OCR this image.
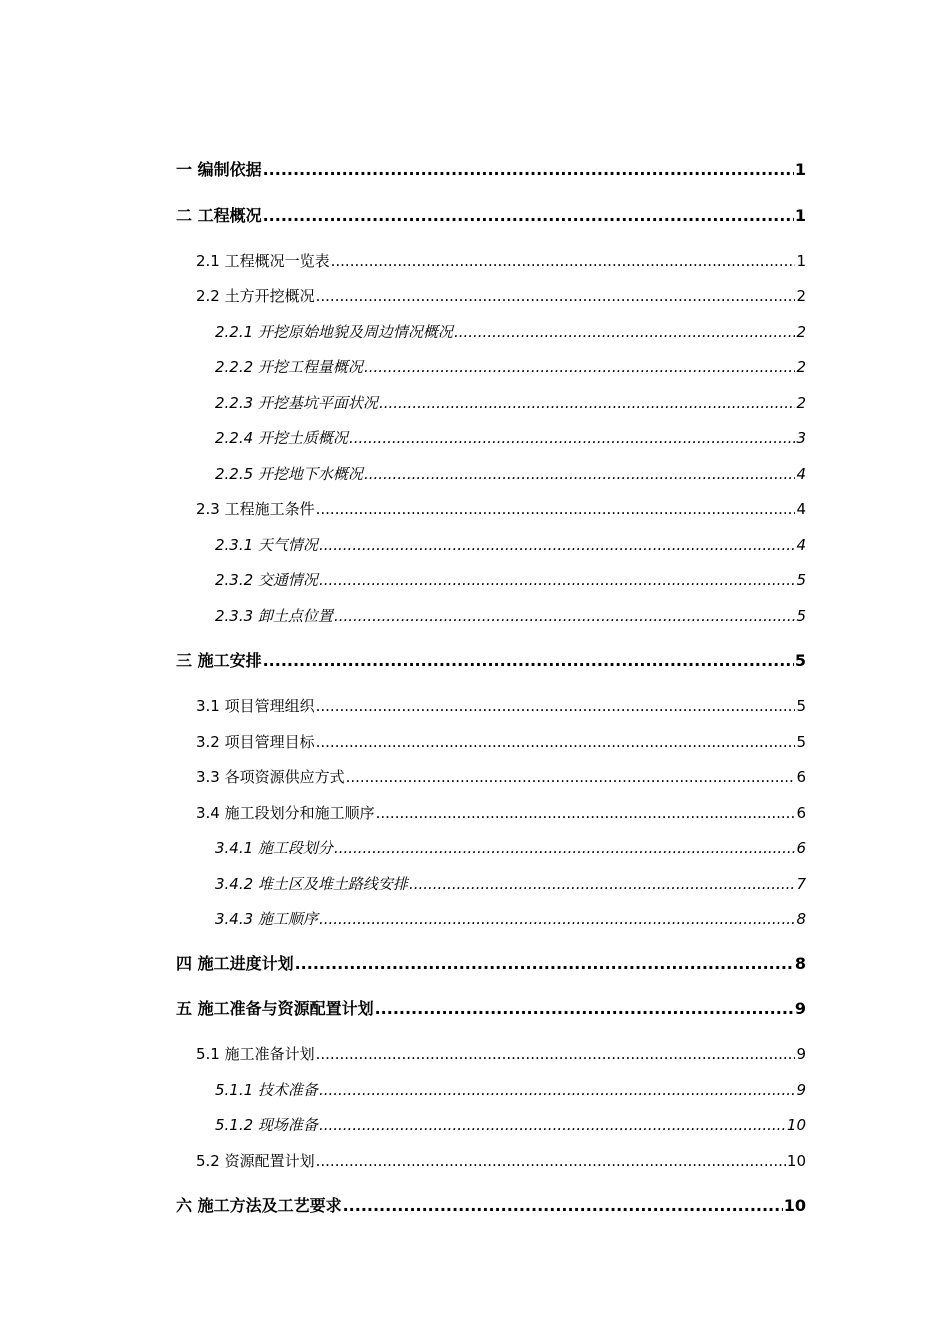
一 编制依据 .....	1
二 工程概况 .....	1
2.1 工程概况一览表 .....	1
2.2 土方开挖概况 .....	2
2.2.1 开挖原始地貌及周边情况概况 .....	2
2.2.2 开挖工程量概况 .....	2
2.2.3 开挖基坑平面状况 .....	2
2.2.4 开挖土质概况 .....	3
2.2.5 开挖地下水概况 .....	4
2.3 工程施工条件 .....	4
2.3.1 天气情况 .....	4
2.3.2 交通情况 .....	5
2.3.3 卸土点位置 .....	5
三 施工安排 .....	5
3.1 项目管理组织 .....	5
3.2 项目管理目标 .....	5
3.3 各项资源供应方式 .....	6
3.4 施工段划分和施工顺序 .....	6
3.4.1 施工段划分 .....	6
3.4.2 堆土区及堆土路线安排 .....	7
3.4.3 施工顺序 .....	8
四 施工进度计划 .....	8
五 施工准备与资源配置计划 .....	9
5.1 施工准备计划 .....	9
5.1.1 技术准备 .....	9
5.1.2 现场准备 .....	10
5.2 资源配置计划 .....	10
六 施工方法及工艺要求 .....	10
